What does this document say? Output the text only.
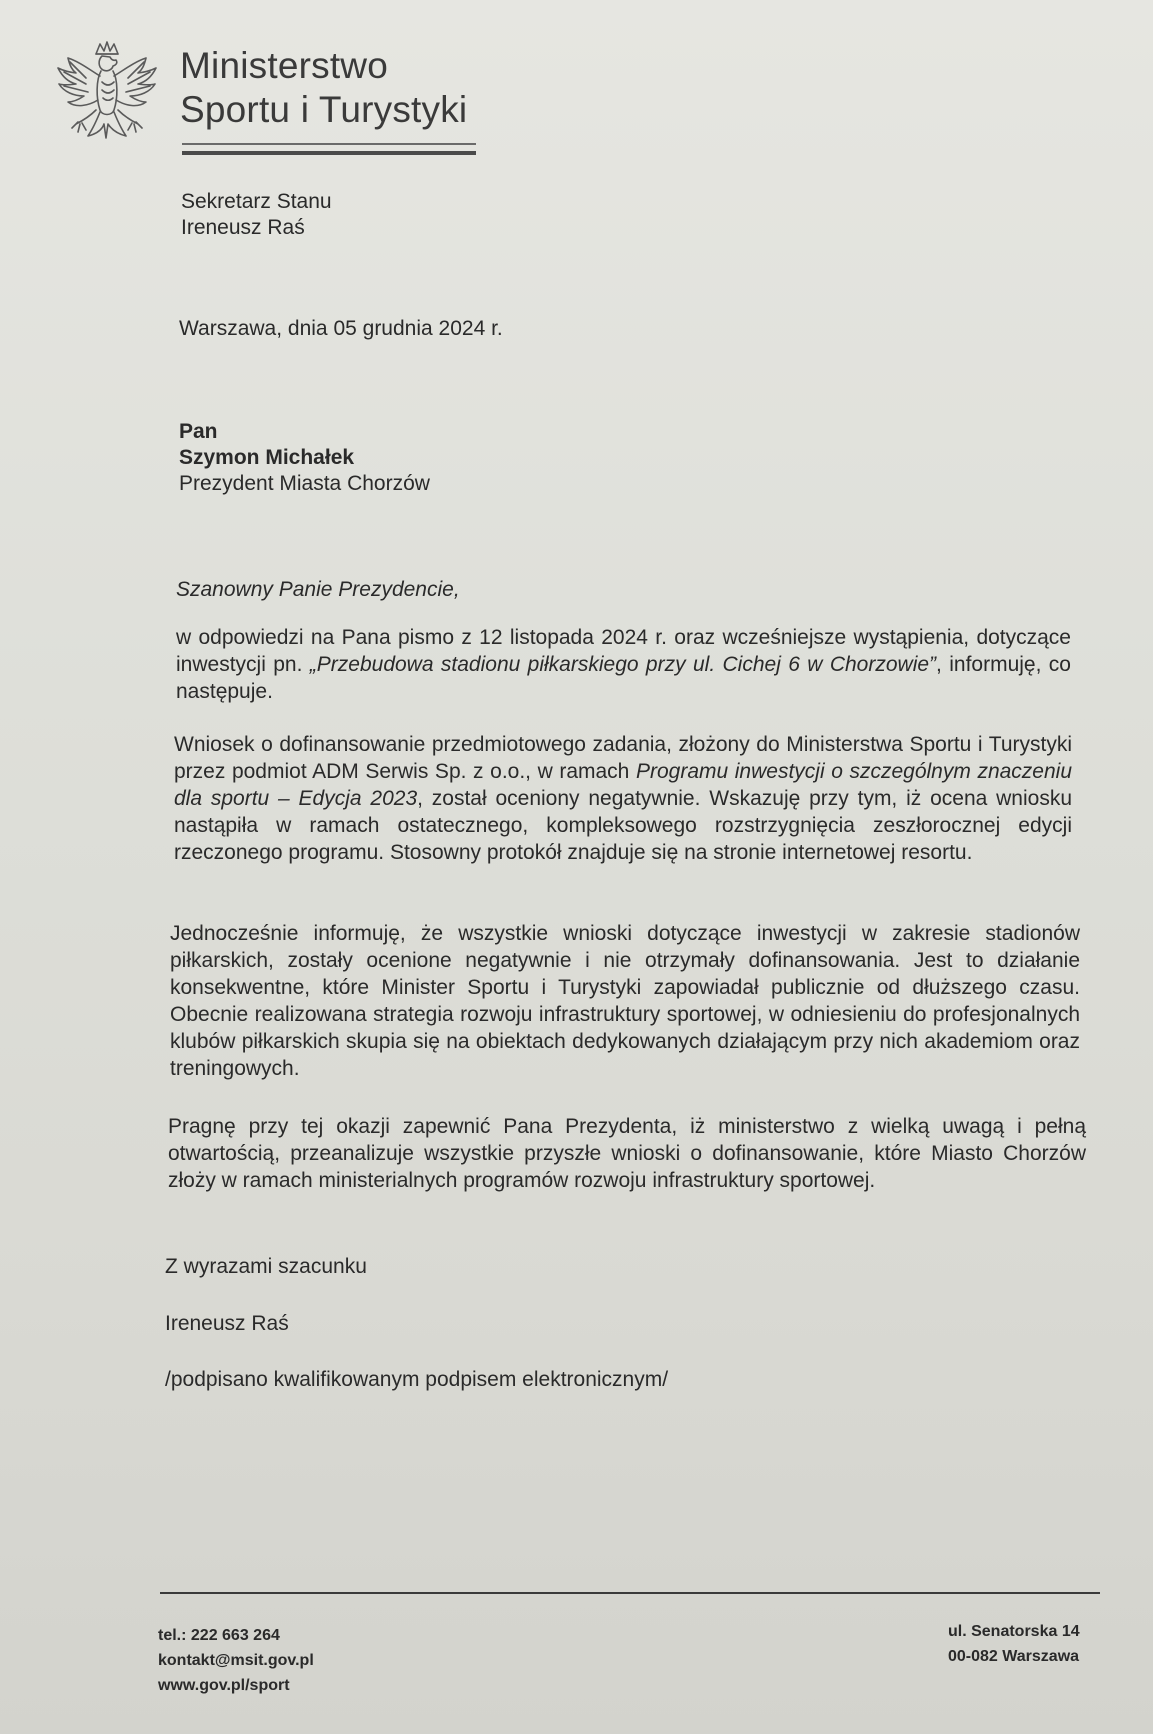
Ministerstwo
Sportu i Turystyki
Sekretarz Stanu
Ireneusz Raś
Warszawa, dnia 05 grudnia 2024 r.
Pan
Szymon Michałek
Prezydent Miasta Chorzów
Szanowny Panie Prezydencie,
w odpowiedzi na Pana pismo z 12 listopada 2024 r. oraz wcześniejsze wystąpienia, dotyczące inwestycji pn. „Przebudowa stadionu piłkarskiego przy ul. Cichej 6 w Chorzowie”, informuję, co następuje.
Wniosek o dofinansowanie przedmiotowego zadania, złożony do Ministerstwa Sportu i Turystyki przez podmiot ADM Serwis Sp. z o.o., w ramach Programu inwestycji o szczególnym znaczeniu dla sportu – Edycja 2023, został oceniony negatywnie. Wskazuję przy tym, iż ocena wniosku nastąpiła w ramach ostatecznego, kompleksowego rozstrzygnięcia zeszłorocznej edycji rzeczonego programu. Stosowny protokół znajduje się na stronie internetowej resortu.
Jednocześnie informuję, że wszystkie wnioski dotyczące inwestycji w zakresie stadionów piłkarskich, zostały ocenione negatywnie i nie otrzymały dofinansowania. Jest to działanie konsekwentne, które Minister Sportu i Turystyki zapowiadał publicznie od dłuższego czasu. Obecnie realizowana strategia rozwoju infrastruktury sportowej, w odniesieniu do profesjonalnych klubów piłkarskich skupia się na obiektach dedykowanych działającym przy nich akademiom oraz treningowych.
Pragnę przy tej okazji zapewnić Pana Prezydenta, iż ministerstwo z wielką uwagą i pełną otwartością, przeanalizuje wszystkie przyszłe wnioski o dofinansowanie, które Miasto Chorzów złoży w ramach ministerialnych programów rozwoju infrastruktury sportowej.
Z wyrazami szacunku
Ireneusz Raś
/podpisano kwalifikowanym podpisem elektronicznym/
tel.: 222 663 264
kontakt@msit.gov.pl
www.gov.pl/sport
ul. Senatorska 14
00-082 Warszawa
